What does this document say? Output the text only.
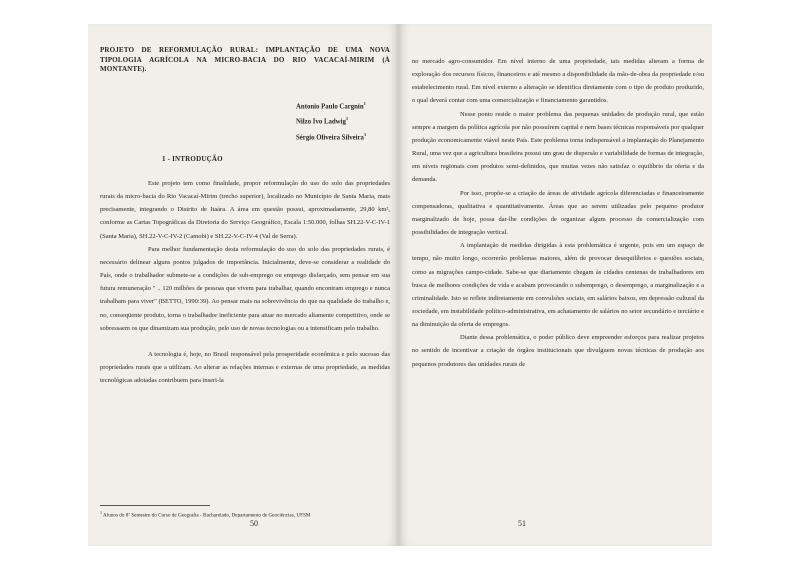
PROJETO DE REFORMULAÇÃO RURAL: IMPLANTAÇÃO DE UMA NOVA TIPOLOGIA AGRÍCOLA NA MICRO-BACIA DO RIO VACACAÍ-MIRIM (À MONTANTE).
Antonio Paulo Cargnin$^1$
Nilzo Ivo Ladwig$^1$
Sérgio Oliveira Silveira$^1$
1 - INTRODUÇÃO

Este projeto tem como finalidade, propor reformulação do uso do solo das propriedades rurais da micro-bacia do Rio Vacacaí-Mirim (trecho superior), localizado no Município de Santa Maria, mais precisamente, integrando o Distrito de Itaára. A área em questão possui, aproximadamente, 29,80 km², conforme as Cartas Topográficas da Diretoria do Serviço Geográfico, Escala 1:50.000, folhas SH.22-V-C-IV-1 (Santa Maria), SH.22-V-C-IV-2 (Camobi) e SH.22-V-C-IV-4 (Val de Serra).

Para melhor fundamentação desta reformulação do uso do solo das propriedades rurais, é necessário delinear alguns pontos julgados de importância. Inicialmente, deve-se considerar a realidade do País, onde o trabalhador submete-se a condições de sub-emprego ou emprego disfarçado, sem pensar em sua futura remuneração " .. 120 milhões de pessoas que vivem para trabalhar, quando encontram emprego e nunca trabalham para viver" (BETTO, 1990:39). Ao pensar mais na sobrevivência do que na qualidade do trabalho e, no, conseqüente produto, torna o trabalhador ineficiente para atuar no mercado altamente competitivo, onde se sobressaem os que dinamizam sua produção, pelo uso de novas tecnologias ou a intensificam pelo trabalho.

A tecnologia é, hoje, no Brasil responsável pela prosperidade econômica e pelo sucesso das propriedades rurais que a utilizam. Ao alterar as relações internas e externas de uma propriedade, as medidas tecnológicas adotadas contribuem para inseri-la

$^1$ Alunos do 8º Semestre do Curso de Geografia - Bacharelado, Departamento de Geociências, UFSM
50

no mercado agro-consumidor. Em nível interno de uma propriedade, tais medidas alteram a forma de exploração dos recursos físicos, financeiros e até mesmo a disponibilidade da mão-de-obra da propriedade e/ou estabelecimento rural. Em nível externo a alteração se identifica diretamente com o tipo de produto produzido, o qual deverá contar com uma comercialização e financiamento garantidos.

Nesse ponto reside o maior problema das pequenas unidades de produção rural, que estão sempre a margem da política agrícola por não possuírem capital e nem bases técnicas responsáveis por qualquer produção economicamente viável neste País. Este problema torna indispensável a implantação do Planejamento Rural, uma vez que a agricultura brasileira possui um grau de dispersão e variabilidade de formas de integração, em níveis regionais com produtos semi-definidos, que muitas vezes não satisfaz o equilíbrio da oferta e da demanda.

Por isso, propõe-se a criação de áreas de atividade agrícola diferenciadas e financeiramente compensadoras, qualitativa e quantitativamente. Áreas que ao serem utilizadas pelo pequeno produtor marginalizado de hoje, possa dar-lhe condições de organizar algum processo de comercialização com possibilidades de integração vertical.

A implantação de medidas dirigidas à esta problemática é urgente, pois em um espaço de tempo, não muito longo, ocorrerão problemas maiores, além de provocar desequilíbrios e questões sociais, como as migrações campo-cidade. Sabe-se que diariamente chegam às cidades centenas de trabalhadores em busca de melhores condições de vida e acabam provocando o subemprego, o desemprego, a marginalização e a criminalidade. Isto se reflete indiretamente em convulsões sociais, em salários baixos, em depressão cultural da sociedade, em instabilidade político-administrativa, em achatamento de salários no setor secundário e terciário e na diminuição da oferta de empregos.

Diante dessa problemática, o poder público deve empreender esforços para realizar projetos no sentido de incentivar a criação de órgãos institucionais que divulguem novas técnicas de produção aos pequenos produtores das unidades rurais de

51
